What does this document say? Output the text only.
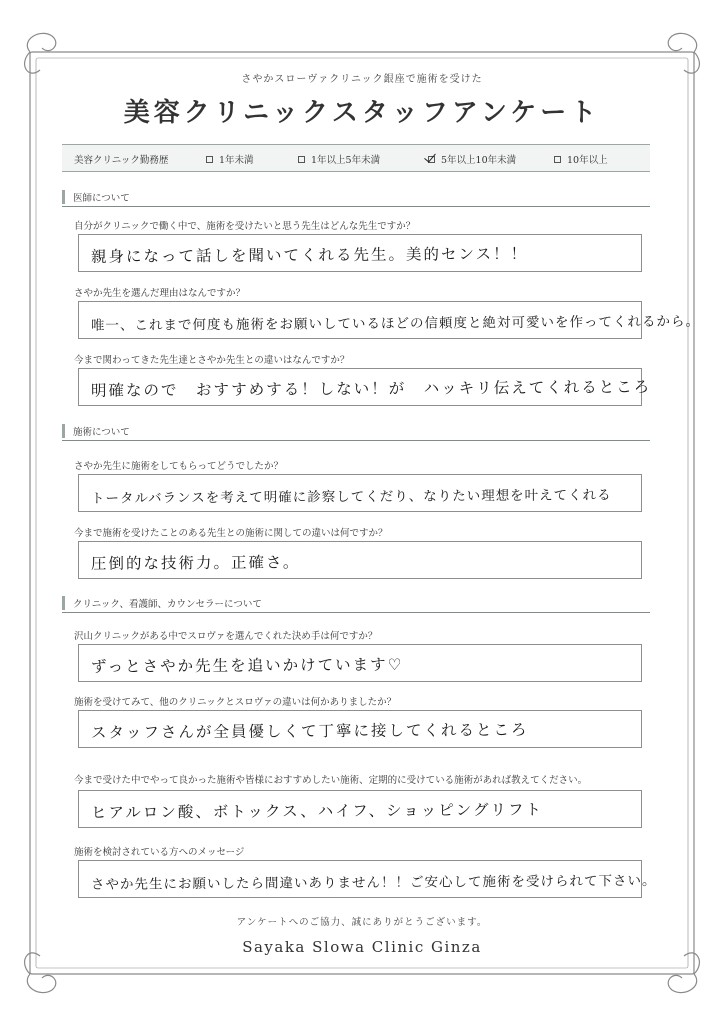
さやかスローヴァクリニック銀座で施術を受けた
美容クリニックスタッフアンケート
美容クリニック勤務歴	1年未満	1年以上5年未満	5年以上10年未満	10年以上
医師について
自分がクリニックで働く中で、施術を受けたいと思う先生はどんな先生ですか？
親身になって話しを聞いてくれる先生。美的センス！！
さやか先生を選んだ理由はなんですか？
唯一、これまで何度も施術をお願いしているほどの信頼度と絶対可愛いを作ってくれるから。
今まで関わってきた先生達とさやか先生との違いはなんですか？
明確なので　おすすめする！しない！が　ハッキリ伝えてくれるところ
施術について
さやか先生に施術をしてもらってどうでしたか？
トータルバランスを考えて明確に診察してくだり、なりたい理想を叶えてくれる
今まで施術を受けたことのある先生との施術に関しての違いは何ですか？
圧倒的な技術力。正確さ。
クリニック、看護師、カウンセラーについて
沢山クリニックがある中でスロヴァを選んでくれた決め手は何ですか？
ずっとさやか先生を追いかけています♡
施術を受けてみて、他のクリニックとスロヴァの違いは何かありましたか？
スタッフさんが全員優しくて丁寧に接してくれるところ
今まで受けた中でやって良かった施術や皆様におすすめしたい施術、定期的に受けている施術があれば教えてください。
ヒアルロン酸、ボトックス、ハイフ、ショッピングリフト
施術を検討されている方へのメッセージ
さやか先生にお願いしたら間違いありません！！ご安心して施術を受けられて下さい。
アンケートへのご協力、誠にありがとうございます。
Sayaka Slowa Clinic Ginza
